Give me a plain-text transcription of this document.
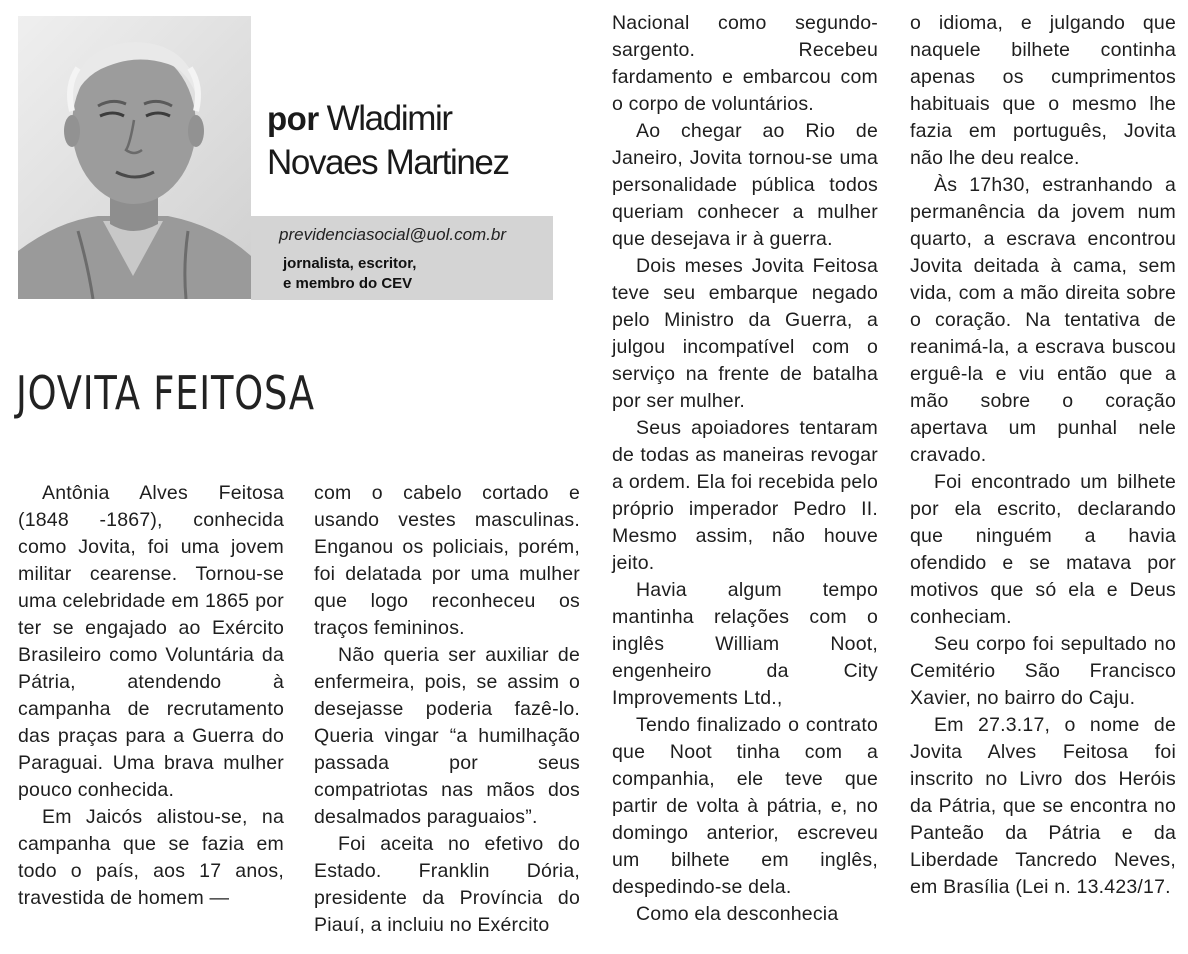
por Wladimir
Novaes Martinez
previdenciasocial@uol.com.br
jornalista, escritor,
e membro do CEV
JOVITA FEITOSA

Antônia Alves Feitosa (1848 -1867), conhecida como Jovita, foi uma jovem militar cearense. Tornou-se uma celebridade em 1865 por ter se engajado ao Exército Brasileiro como Voluntária da Pátria, atendendo à campanha de recrutamento das praças para a Guerra do Paraguai. Uma brava mulher pouco conhecida.

Em Jaicós alistou-se, na campanha que se fazia em todo o país, aos 17 anos, travestida de homem —

com o cabelo cortado e usando vestes masculinas. Enganou os policiais, porém, foi delatada por uma mulher que logo reconheceu os traços femininos.

Não queria ser auxiliar de enfermeira, pois, se assim o desejasse poderia fazê-lo. Queria vingar “a humilhação passada por seus compatriotas nas mãos dos desalmados paraguaios”.

Foi aceita no efetivo do Estado. Franklin Dória, presidente da Província do Piauí, a incluiu no Exército

Nacional como segundo-sargento. Recebeu fardamento e embarcou com o corpo de voluntários.

Ao chegar ao Rio de Janeiro, Jovita tornou-se uma personalidade pública todos queriam conhecer a mulher que desejava ir à guerra.

Dois meses Jovita Feitosa teve seu embarque negado pelo Ministro da Guerra, a julgou incompatível com o serviço na frente de batalha por ser mulher.

Seus apoiadores tentaram de todas as maneiras revogar a ordem. Ela foi recebida pelo próprio imperador Pedro II. Mesmo assim, não houve jeito.

Havia algum tempo mantinha relações com o inglês William Noot, engenheiro da City Improvements Ltd.,

Tendo finalizado o contrato que Noot tinha com a companhia, ele teve que partir de volta à pátria, e, no domingo anterior, escreveu um bilhete em inglês, despedindo-se dela.

Como ela desconhecia

o idioma, e julgando que naquele bilhete continha apenas os cumprimentos habituais que o mesmo lhe fazia em português, Jovita não lhe deu realce.

Às 17h30, estranhando a permanência da jovem num quarto, a escrava encontrou Jovita deitada à cama, sem vida, com a mão direita sobre o coração. Na tentativa de reanimá-la, a escrava buscou erguê-la e viu então que a mão sobre o coração apertava um punhal nele cravado.

Foi encontrado um bilhete por ela escrito, declarando que ninguém a havia ofendido e se matava por motivos que só ela e Deus conheciam.

Seu corpo foi sepultado no Cemitério São Francisco Xavier, no bairro do Caju.

Em 27.3.17, o nome de Jovita Alves Feitosa foi inscrito no Livro dos Heróis da Pátria, que se encontra no Panteão da Pátria e da Liberdade Tancredo Neves, em Brasília (Lei n. 13.423/17.
